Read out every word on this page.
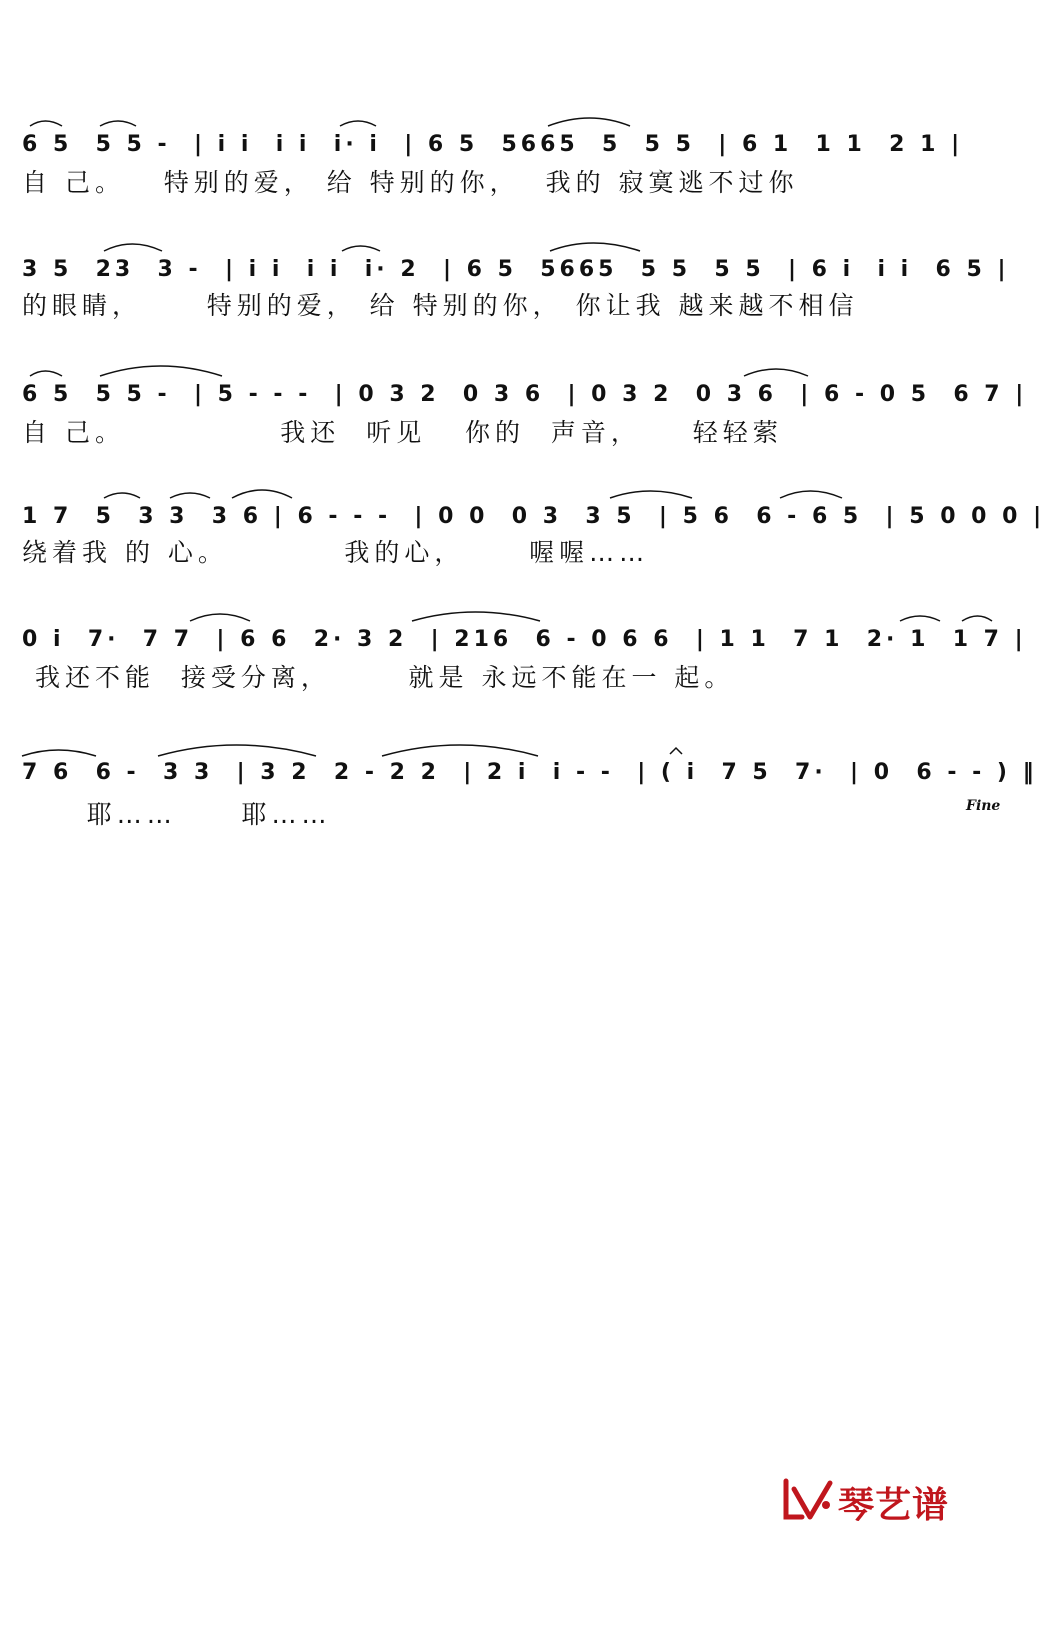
6 5  5 5 -  | i i  i i  i· i  | 6 5  5665  5  5 5  | 6 1  1 1  2 1 |
自 己。   特别的爱， 给 特别的你，  我的 寂寞逃不过你
3 5  23  3 -  | i i  i i  i· 2  | 6 5  5665  5 5  5 5  | 6 i  i i  6 5 |
的眼睛，     特别的爱， 给 特别的你， 你让我 越来越不相信
6 5  5 5 -  | 5 - - -  | 0 3 2  0 3 6  | 0 3 2  0 3 6  | 6 - 0 5  6 7 |
自 己。            我还  听见   你的  声音，    轻轻萦
1 7  5  3 3  3 6 | 6 - - -  | 0 0  0 3  3 5  | 5 6  6 - 6 5  | 5 0 0 0 |
绕着我 的 心。         我的心，     喔喔……
0 i  7·  7 7  | 6 6  2· 3 2  | 216  6 - 0 6 6  | 1 1  7 1  2· 1  1 7 |
我还不能  接受分离，      就是 永远不能在一 起。
7 6  6 -  3 3  | 3 2  2 - 2 2  | 2 i  i - -  | ( i  7 5  7·  | 0  6 - - ) ‖
耶……     耶……	Fine
琴艺谱
